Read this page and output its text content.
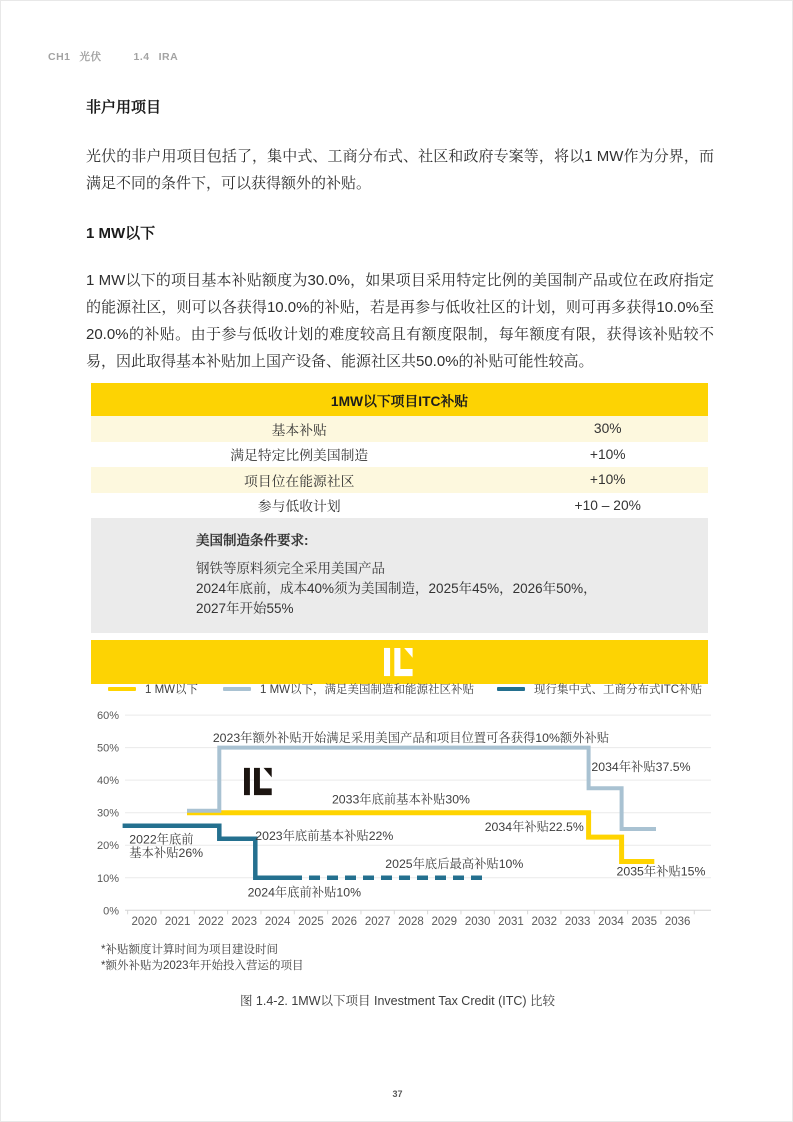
CH1 光伏	1.4 IRA
非户用项目

光伏的非户用项目包括了，集中式、工商分布式、社区和政府专案等，将以1 MW作为分界，而满足不同的条件下，可以获得额外的补贴。

1 MW以下

1 MW以下的项目基本补贴额度为30.0%，如果项目采用特定比例的美国制产品或位在政府指定的能源社区，则可以各获得10.0%的补贴，若是再参与低收社区的计划，则可再多获得10.0%至20.0%的补贴。由于参与低收计划的难度较高且有额度限制，每年额度有限，获得该补贴较不易，因此取得基本补贴加上国产设备、能源社区共50.0%的补贴可能性较高。

1MW以下项目ITC补贴
基本补贴	30%
满足特定比例美国制造	+10%
项目位在能源社区	+10%
参与低收计划	+10 – 20%
美国制造条件要求:
钢铁等原料须完全采用美国产品
2024年底前，成本40%须为美国制造，2025年45%，2026年50%，
2027年开始55%
1 MW以下	1 MW以下，满足美国制造和能源社区补贴	现行集中式、工商分布式ITC补贴
60%
50%
40%
30%
20%
10%
0%
2020 2021 2022 2023 2024 2025 2026 2027 2028 2029 2030 2031 2032 2033 2034 2035 2036
2023年额外补贴开始满足采用美国产品和项目位置可各获得10%额外补贴
2034年补贴37.5%
2033年底前基本补贴30%
2034年补贴22.5%
2022年底前基本补贴26%
2023年底前基本补贴22%
2025年底后最高补贴10%
2024年底前补贴10%
2035年补贴15%
*补贴额度计算时间为项目建设时间
*额外补贴为2023年开始投入营运的项目
图 1.4-2. 1MW以下项目 Investment Tax Credit (ITC) 比较
37
